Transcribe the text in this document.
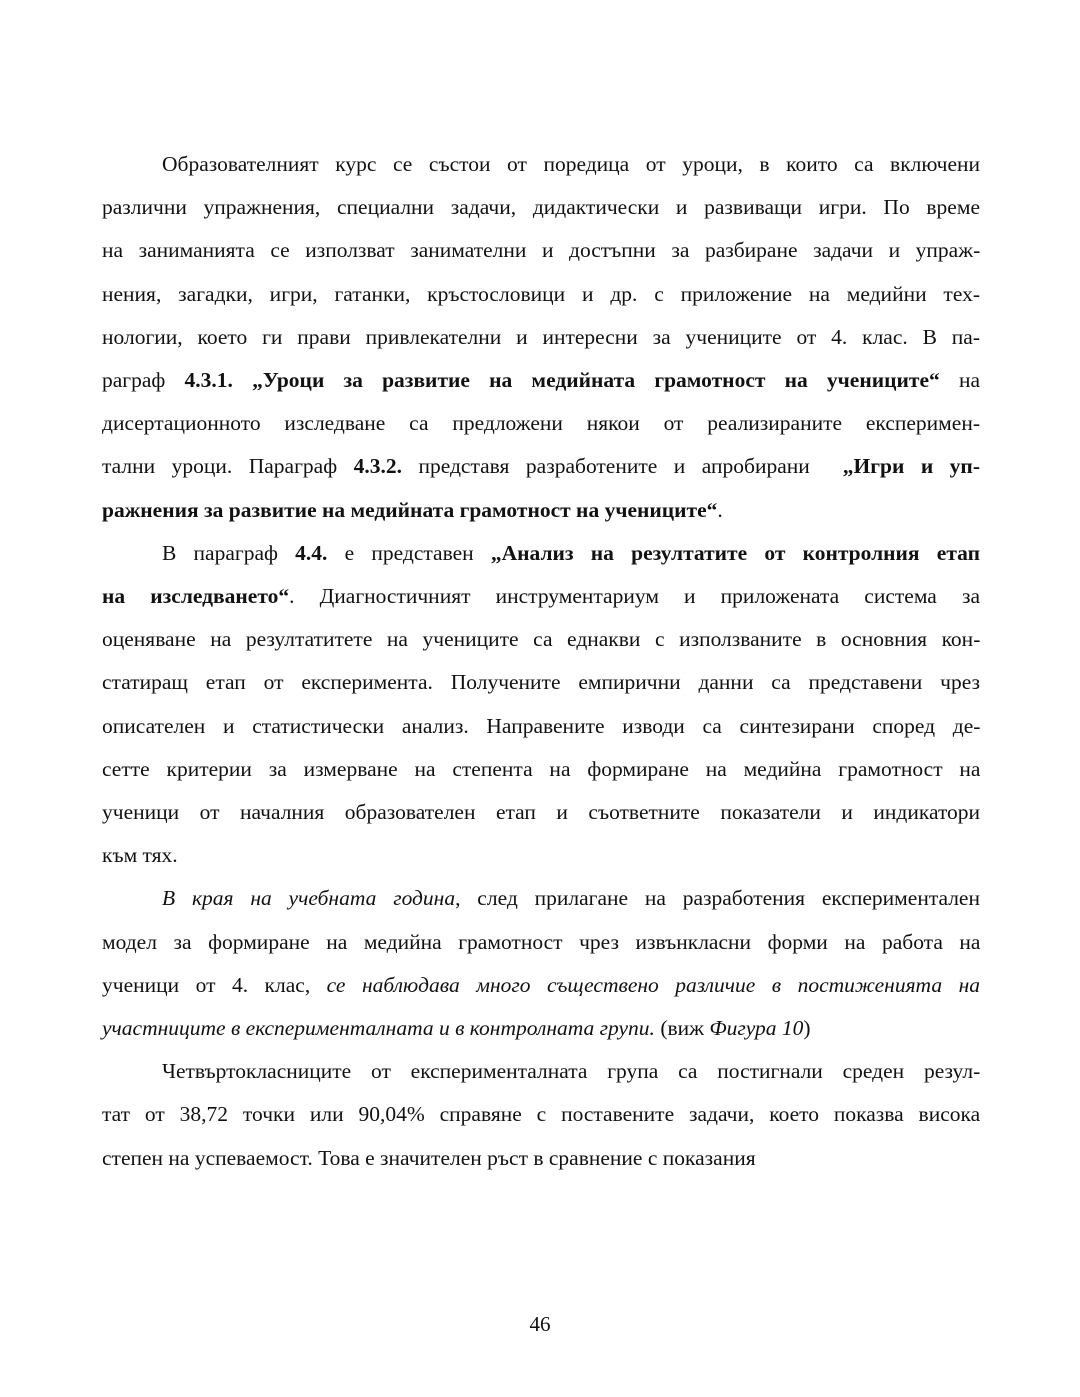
Образователният курс се състои от поредица от уроци, в които са включени
различни упражнения, специални задачи, дидактически и развиващи игри. По време
на заниманията се използват занимателни и достъпни за разбиране задачи и упраж-
нения, загадки, игри, гатанки, кръстословици и др. с приложение на медийни тех-
нологии, което ги прави привлекателни и интересни за учениците от 4. клас. В па-
раграф 4.3.1. „Уроци за развитие на медийната грамотност на учениците“ на
дисертационното изследване са предложени някои от реализираните експеримен-
тални уроци. Параграф 4.3.2. представя разработените и апробирани  „Игри и уп-
ражнения за развитие на медийната грамотност на учениците“.
В параграф 4.4. е представен „Анализ на резултатите от контролния етап
на изследването“. Диагностичният инструментариум и приложената система за
оценяване на резултатитете на учениците са еднакви с използваните в основния кон-
статиращ етап от експеримента. Получените емпирични данни са представени чрез
описателен и статистически анализ. Направените изводи са синтезирани според де-
сетте критерии за измерване на степента на формиране на медийна грамотност на
ученици от началния образователен етап и съответните показатели и индикатори
към тях.
В края на учебната година, след прилагане на разработения експериментален
модел за формиране на медийна грамотност чрез извънкласни форми на работа на
ученици от 4. клас, се наблюдава много съществено различие в постиженията на
участниците в експерименталната и в контролната групи. (виж Фигура 10)
Четвъртокласниците от експерименталната група са постигнали среден резул-
тат от 38,72 точки или 90,04% справяне с поставените задачи, което показва висока
степен на успеваемост. Това е значителен ръст в сравнение с показания
46
